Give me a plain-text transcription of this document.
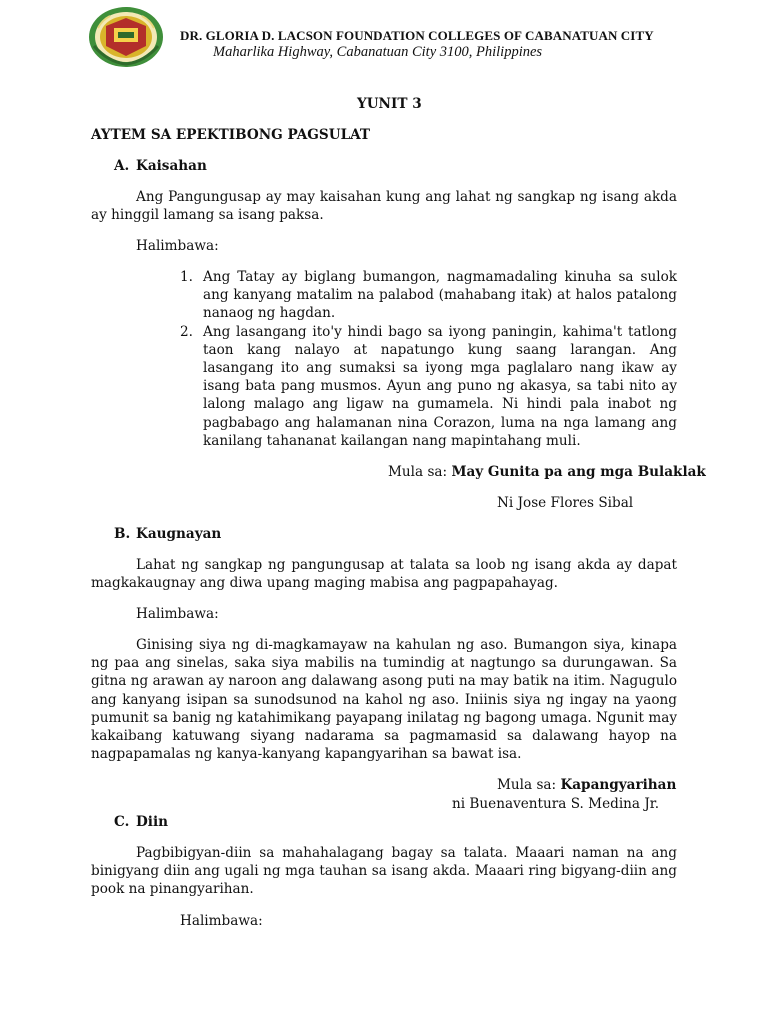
DR. GLORIA D. LACSON FOUNDATION COLLEGES OF CABANATUAN CITY
Maharlika Highway, Cabanatuan City 3100, Philippines
YUNIT 3
AYTEM SA EPEKTIBONG PAGSULAT
A. Kaisahan
Ang Pangungusap ay may kaisahan kung ang lahat ng sangkap ng isang akda ay hinggil lamang sa isang paksa.
Halimbawa:
1. Ang Tatay ay biglang bumangon, nagmamadaling kinuha sa sulok ang kanyang matalim na palabod (mahabang itak) at halos patalong nanaog ng hagdan.
2. Ang lasangang ito'y hindi bago sa iyong paningin, kahima't tatlong taon kang nalayo at napatungo kung saang larangan. Ang lasangang ito ang sumaksi sa iyong mga paglalaro nang ikaw ay isang bata pang musmos. Ayun ang puno ng akasya, sa tabi nito ay lalong malago ang ligaw na gumamela. Ni hindi pala inabot ng pagbabago ang halamanan nina Corazon, luma na nga lamang ang kanilang tahananat kailangan nang mapintahang muli.
Mula sa: May Gunita pa ang mga Bulaklak
Ni Jose Flores Sibal
B. Kaugnayan
Lahat ng sangkap ng pangungusap at talata sa loob ng isang akda ay dapat magkakaugnay ang diwa upang maging mabisa ang pagpapahayag.
Halimbawa:
Ginising siya ng di-magkamayaw na kahulan ng aso. Bumangon siya, kinapa ng paa ang sinelas, saka siya mabilis na tumindig at nagtungo sa durungawan. Sa gitna ng arawan ay naroon ang dalawang asong puti na may batik na itim. Nagugulo ang kanyang isipan sa sunodsunod na kahol ng aso. Iniinis siya ng ingay na yaong pumunit sa banig ng katahimikang payapang inilatag ng bagong umaga. Ngunit may kakaibang katuwang siyang nadarama sa pagmamasid sa dalawang hayop na nagpapamalas ng kanya-kanyang kapangyarihan sa bawat isa.
Mula sa: Kapangyarihan
ni Buenaventura S. Medina Jr.
C. Diin
Pagbibigyan-diin sa mahahalagang bagay sa talata. Maaari naman na ang binigyang diin ang ugali ng mga tauhan sa isang akda. Maaari ring bigyang-diin ang pook na pinangyarihan.
Halimbawa:
